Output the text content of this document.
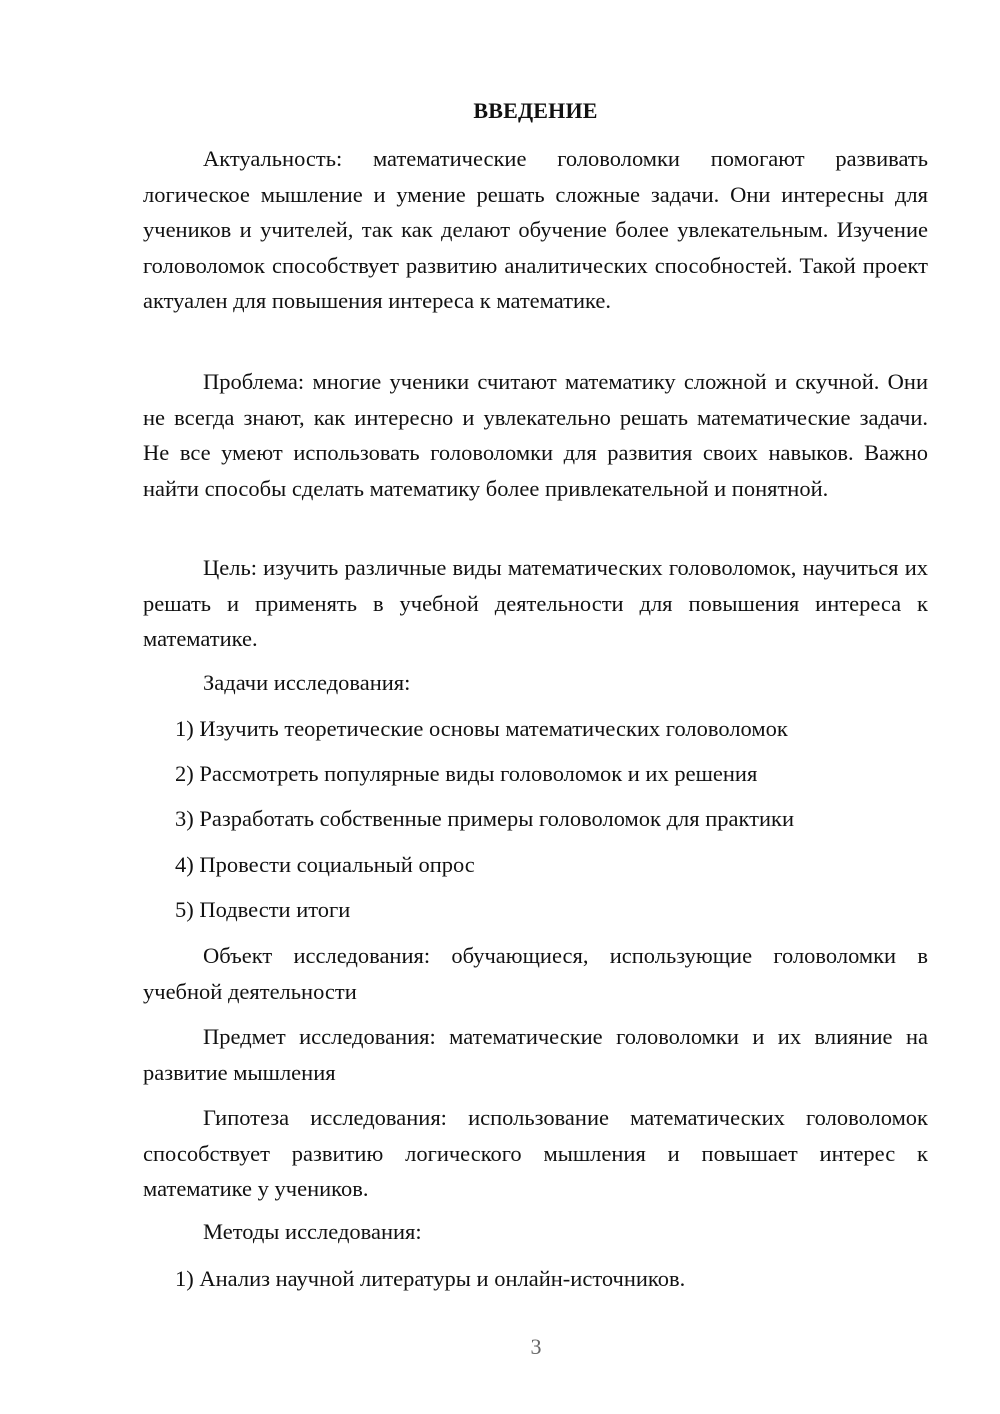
ВВЕДЕНИЕ

Актуальность: математические головоломки помогают развивать логическое мышление и умение решать сложные задачи. Они интересны для учеников и учителей, так как делают обучение более увлекательным. Изучение головоломок способствует развитию аналитических способностей. Такой проект актуален для повышения интереса к математике.

Проблема: многие ученики считают математику сложной и скучной. Они не всегда знают, как интересно и увлекательно решать математические задачи. Не все умеют использовать головоломки для развития своих навыков. Важно найти способы сделать математику более привлекательной и понятной.

Цель: изучить различные виды математических головоломок, научиться их решать и применять в учебной деятельности для повышения интереса к математике.

Задачи исследования:
1) Изучить теоретические основы математических головоломок
2) Рассмотреть популярные виды головоломок и их решения
3) Разработать собственные примеры головоломок для практики
4) Провести социальный опрос
5) Подвести итоги

Объект исследования: обучающиеся, использующие головоломки в учебной деятельности

Предмет исследования: математические головоломки и их влияние на развитие мышления

Гипотеза исследования: использование математических головоломок способствует развитию логического мышления и повышает интерес к математике у учеников.

Методы исследования:
1) Анализ научной литературы и онлайн-источников.
3
